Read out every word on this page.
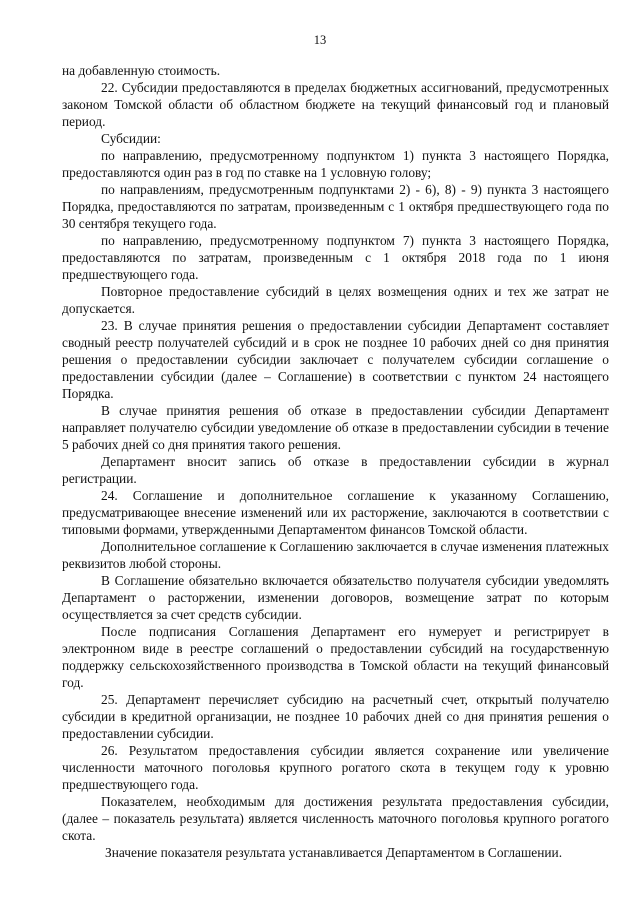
13

на добавленную стоимость.

22. Субсидии предоставляются в пределах бюджетных ассигнований, предусмотренных законом Томской области об областном бюджете на текущий финансовый год и плановый период.

Субсидии:

по направлению, предусмотренному подпунктом 1) пункта 3 настоящего Порядка, предоставляются один раз в год по ставке на 1 условную голову;

по направлениям, предусмотренным подпунктами 2) - 6), 8) - 9) пункта 3 настоящего Порядка, предоставляются по затратам, произведенным с 1 октября предшествующего года по 30 сентября текущего года.

по направлению, предусмотренному подпунктом 7) пункта 3 настоящего Порядка, предоставляются по затратам, произведенным с 1 октября 2018 года по 1 июня предшествующего года.

Повторное предоставление субсидий в целях возмещения одних и тех же затрат не допускается.

23. В случае принятия решения о предоставлении субсидии Департамент составляет сводный реестр получателей субсидий и в срок не позднее 10 рабочих дней со дня принятия решения о предоставлении субсидии заключает с получателем субсидии соглашение о предоставлении субсидии (далее – Соглашение) в соответствии с пунктом 24 настоящего Порядка.

В случае принятия решения об отказе в предоставлении субсидии Департамент направляет получателю субсидии уведомление об отказе в предоставлении субсидии в течение 5 рабочих дней со дня принятия такого решения.

Департамент вносит запись об отказе в предоставлении субсидии в журнал регистрации.

24. Соглашение и дополнительное соглашение к указанному Соглашению, предусматривающее внесение изменений или их расторжение, заключаются в соответствии с типовыми формами, утвержденными Департаментом финансов Томской области.

Дополнительное соглашение к Соглашению заключается в случае изменения платежных реквизитов любой стороны.

В Соглашение обязательно включается обязательство получателя субсидии уведомлять Департамент о расторжении, изменении договоров, возмещение затрат по которым осуществляется за счет средств субсидии.

После подписания Соглашения Департамент его нумерует и регистрирует в электронном виде в реестре соглашений о предоставлении субсидий на государственную поддержку сельскохозяйственного производства в Томской области на текущий финансовый год.

25. Департамент перечисляет субсидию на расчетный счет, открытый получателю субсидии в кредитной организации, не позднее 10 рабочих дней со дня принятия решения о предоставлении субсидии.

26. Результатом предоставления субсидии является сохранение или увеличение численности маточного поголовья крупного рогатого скота в текущем году к уровню предшествующего года.

Показателем, необходимым для достижения результата предоставления субсидии, (далее – показатель результата) является численность маточного поголовья крупного рогатого скота.

Значение показателя результата устанавливается Департаментом в Соглашении.
